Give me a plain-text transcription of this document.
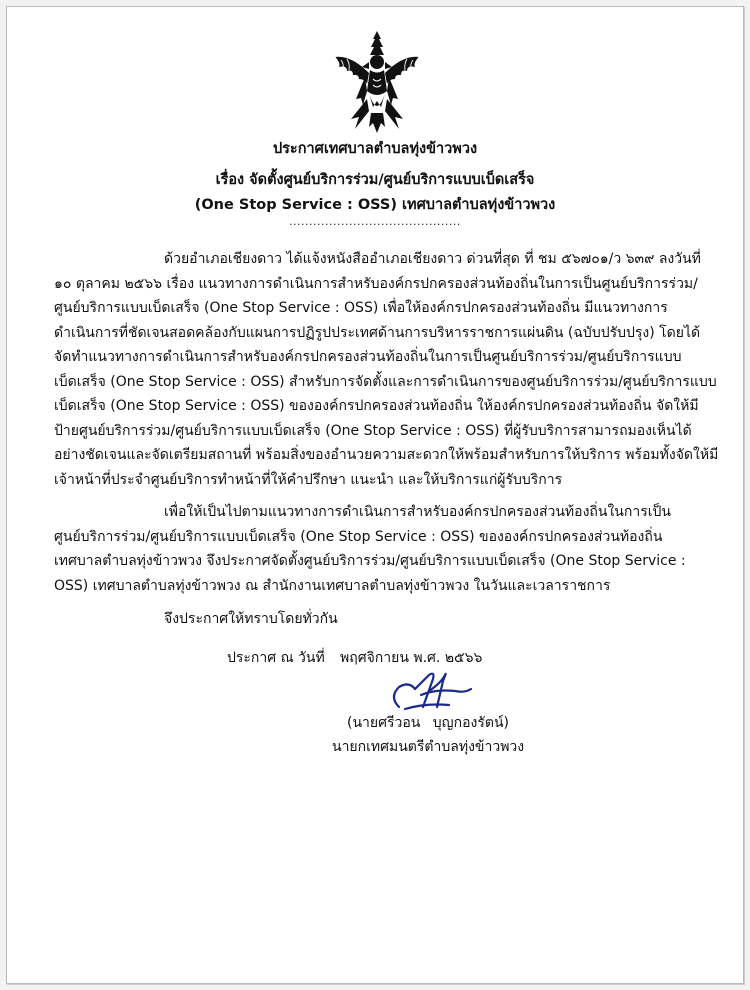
ประกาศเทศบาลตำบลทุ่งข้าวพวง
เรื่อง จัดตั้งศูนย์บริการร่วม/ศูนย์บริการแบบเบ็ดเสร็จ
(One Stop Service : OSS) เทศบาลตำบลทุ่งข้าวพวง
...........................................
ด้วยอำเภอเชียงดาว ได้แจ้งหนังสืออำเภอเชียงดาว ด่วนที่สุด ที่ ชม ๕๖๗๐๑/ว ๖๓๙ ลงวันที่
๑๐ ตุลาคม ๒๕๖๖ เรื่อง แนวทางการดำเนินการสำหรับองค์กรปกครองส่วนท้องถิ่นในการเป็นศูนย์บริการร่วม/
ศูนย์บริการแบบเบ็ดเสร็จ (One Stop Service : OSS) เพื่อให้องค์กรปกครองส่วนท้องถิ่น มีแนวทางการ
ดำเนินการที่ชัดเจนสอดคล้องกับแผนการปฏิรูปประเทศด้านการบริหารราชการแผ่นดิน (ฉบับปรับปรุง) โดยได้
จัดทำแนวทางการดำเนินการสำหรับองค์กรปกครองส่วนท้องถิ่นในการเป็นศูนย์บริการร่วม/ศูนย์บริการแบบ
เบ็ดเสร็จ (One Stop Service : OSS) สำหรับการจัดตั้งและการดำเนินการของศูนย์บริการร่วม/ศูนย์บริการแบบ
เบ็ดเสร็จ (One Stop Service : OSS) ขององค์กรปกครองส่วนท้องถิ่น ให้องค์กรปกครองส่วนท้องถิ่น จัดให้มี
ป้ายศูนย์บริการร่วม/ศูนย์บริการแบบเบ็ดเสร็จ (One Stop Service : OSS) ที่ผู้รับบริการสามารถมองเห็นได้
อย่างชัดเจนและจัดเตรียมสถานที่ พร้อมสิ่งของอำนวยความสะดวกให้พร้อมสำหรับการให้บริการ พร้อมทั้งจัดให้มี
เจ้าหน้าที่ประจำศูนย์บริการทำหน้าที่ให้คำปรึกษา แนะนำ และให้บริการแก่ผู้รับบริการ
เพื่อให้เป็นไปตามแนวทางการดำเนินการสำหรับองค์กรปกครองส่วนท้องถิ่นในการเป็น
ศูนย์บริการร่วม/ศูนย์บริการแบบเบ็ดเสร็จ (One Stop Service : OSS) ขององค์กรปกครองส่วนท้องถิ่น
เทศบาลตำบลทุ่งข้าวพวง จึงประกาศจัดตั้งศูนย์บริการร่วม/ศูนย์บริการแบบเบ็ดเสร็จ (One Stop Service :
OSS) เทศบาลตำบลทุ่งข้าวพวง ณ สำนักงานเทศบาลตำบลทุ่งข้าวพวง ในวันและเวลาราชการ
จึงประกาศให้ทราบโดยทั่วกัน
ประกาศ ณ วันที่ พฤศจิกายน พ.ศ. ๒๕๖๖
(นายศรีวอน บุญกองรัตน์)
นายกเทศมนตรีตำบลทุ่งข้าวพวง
